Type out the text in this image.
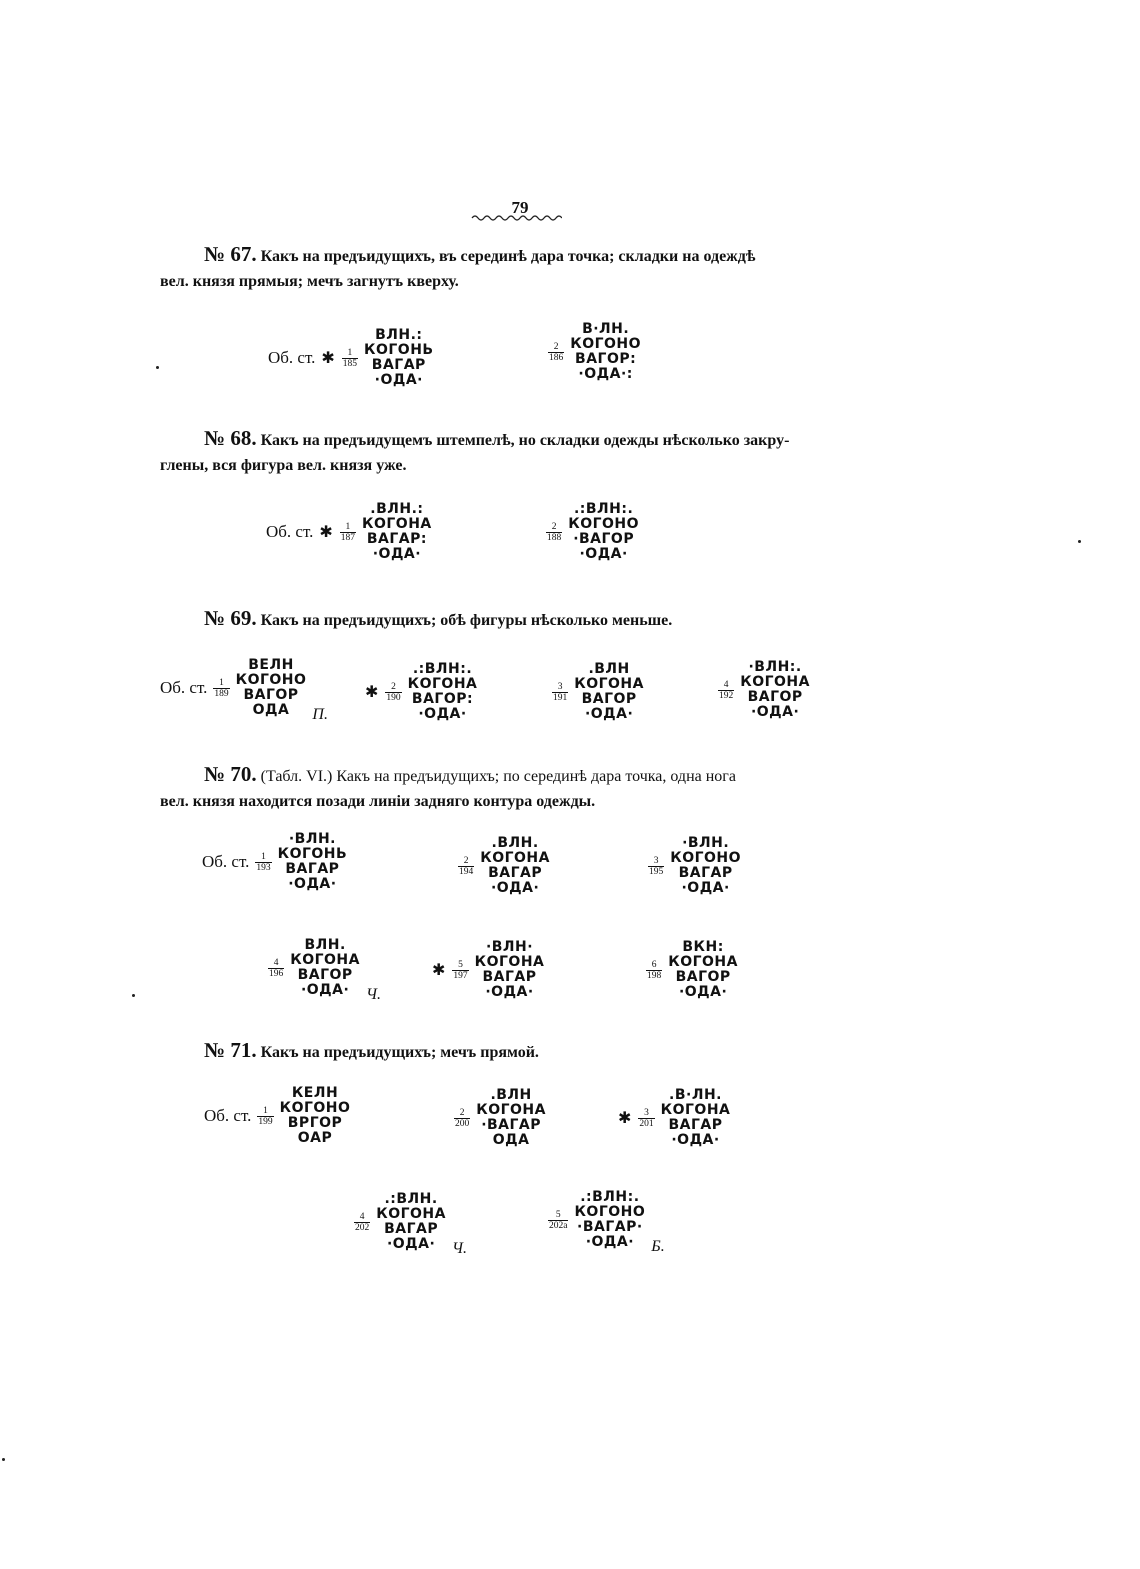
79
№ 67. Какъ на предъидущихъ, въ серединѣ дара точка; складки на одеждѣ
вел. князя прямыя; мечъ загнутъ кверху.
Об. ст. ✱ $\frac{1}{185}$
ВЛН.:
КОГОНЬ
ВАГАР
·ОДА·
$\frac{2}{186}$
В·ЛН.
КОГОНО
ВАГОР:
·ОДА·:
№ 68. Какъ на предъидущемъ штемпелѣ, но складки одежды нѣсколько закру-
глены, вся фигура вел. князя уже.
Об. ст. ✱ $\frac{1}{187}$
.ВЛН.:
КОГОНА
ВАГАР:
·ОДА·
$\frac{2}{188}$
.:ВЛН:.
КОГОНО
·ВАГОР
·ОДА·
№ 69. Какъ на предъидущихъ; обѣ фигуры нѣсколько меньше.
Об. ст. $\frac{1}{189}$
ВЕЛН
КОГОНО
ВАГОР
ОДА П.
✱ $\frac{2}{190}$
.:ВЛН:.
КОГОНА
ВАГОР:
·ОДА·
$\frac{3}{191}$
.ВЛН
КОГОНА
ВАГОР
·ОДА·
$\frac{4}{192}$
·ВЛН:.
КОГОНА
ВАГОР
·ОДА·
№ 70. (Табл. VI.) Какъ на предъидущихъ; по серединѣ дара точка, одна нога
вел. князя находится позади линіи задняго контура одежды.
Об. ст. $\frac{1}{193}$
·ВЛН.
КОГОНЬ
ВАГАР
·ОДА·
$\frac{2}{194}$
.ВЛН.
КОГОНА
ВАГАР
·ОДА·
$\frac{3}{195}$
·ВЛН.
КОГОНО
ВАГАР
·ОДА·
$\frac{4}{196}$
ВЛН.
КОГОНА
ВАГОР
·ОДА· Ч.
✱ $\frac{5}{197}$
·ВЛН·
КОГОНА
ВАГАР
·ОДА·
$\frac{6}{198}$
ВКН:
КОГОНА
ВАГОР
·ОДА·
№ 71. Какъ на предъидущихъ; мечъ прямой.
Об. ст. $\frac{1}{199}$
КЕЛН
КОГОНО
ВРГОР
ОАР
$\frac{2}{200}$
.ВЛН
КОГОНА
·ВАГАР
ОДА
✱ $\frac{3}{201}$
.В·ЛН.
КОГОНА
ВАГАР
·ОДА·
$\frac{4}{202}$
.:ВЛН.
КОГОНА
ВАГАР
·ОДА· Ч.
$\frac{5}{202a}$
.:ВЛН:.
КОГОНО
·ВАГАР·
·ОДА· Б.
